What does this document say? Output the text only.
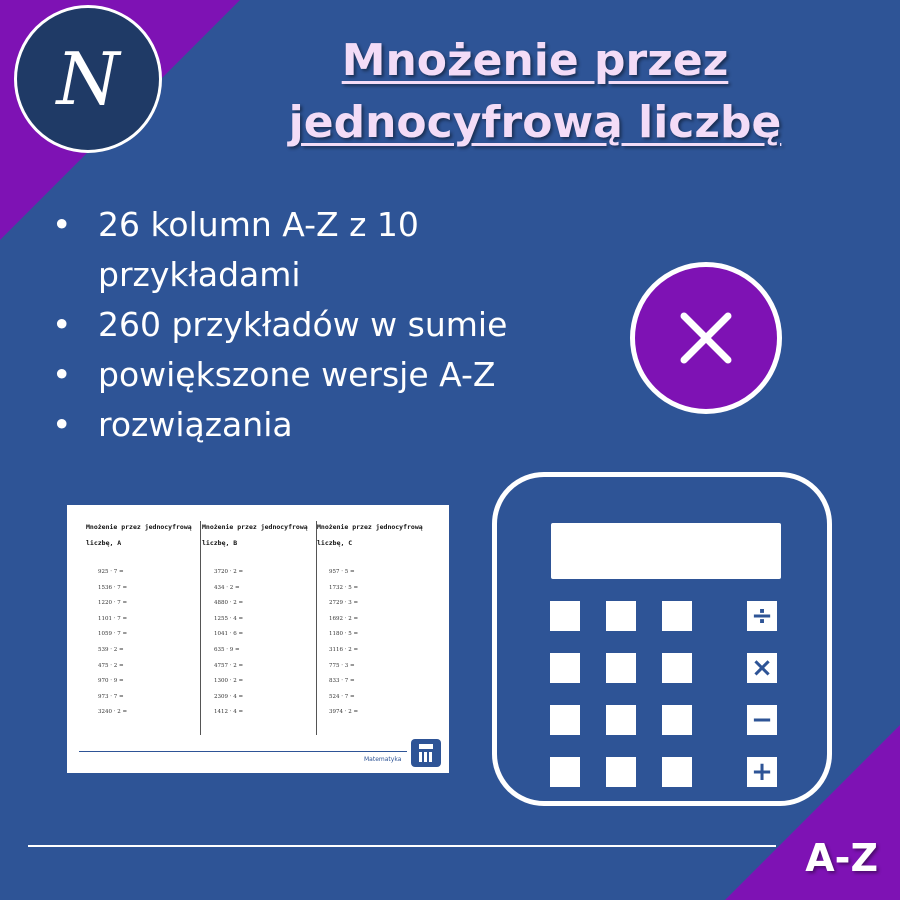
N	Mnożenie przez
jednocyfrową liczbę
• 26 kolumn A-Z z 10 przykładami
• 260 przykładów w sumie
• powiększone wersje A-Z
• rozwiązania
Mnożenie przez jednocyfrową liczbę, A
925 · 7 =
1536 · 7 =
1220 · 7 =
1101 · 7 =
1059 · 7 =
539 · 2 =
475 · 2 =
970 · 9 =
973 · 7 =
3240 · 2 =
Mnożenie przez jednocyfrową liczbę, B
3720 · 2 =
434 · 2 =
4880 · 2 =
1255 · 4 =
1041 · 6 =
635 · 9 =
4757 · 2 =
1300 · 2 =
2309 · 4 =
1412 · 4 =
Mnożenie przez jednocyfrową liczbę, C
957 · 5 =
1732 · 5 =
2729 · 3 =
1692 · 2 =
1180 · 5 =
3116 · 2 =
775 · 3 =
833 · 7 =
524 · 7 =
3974 · 2 =
Matematyka
÷
×
−
+
A-Z
